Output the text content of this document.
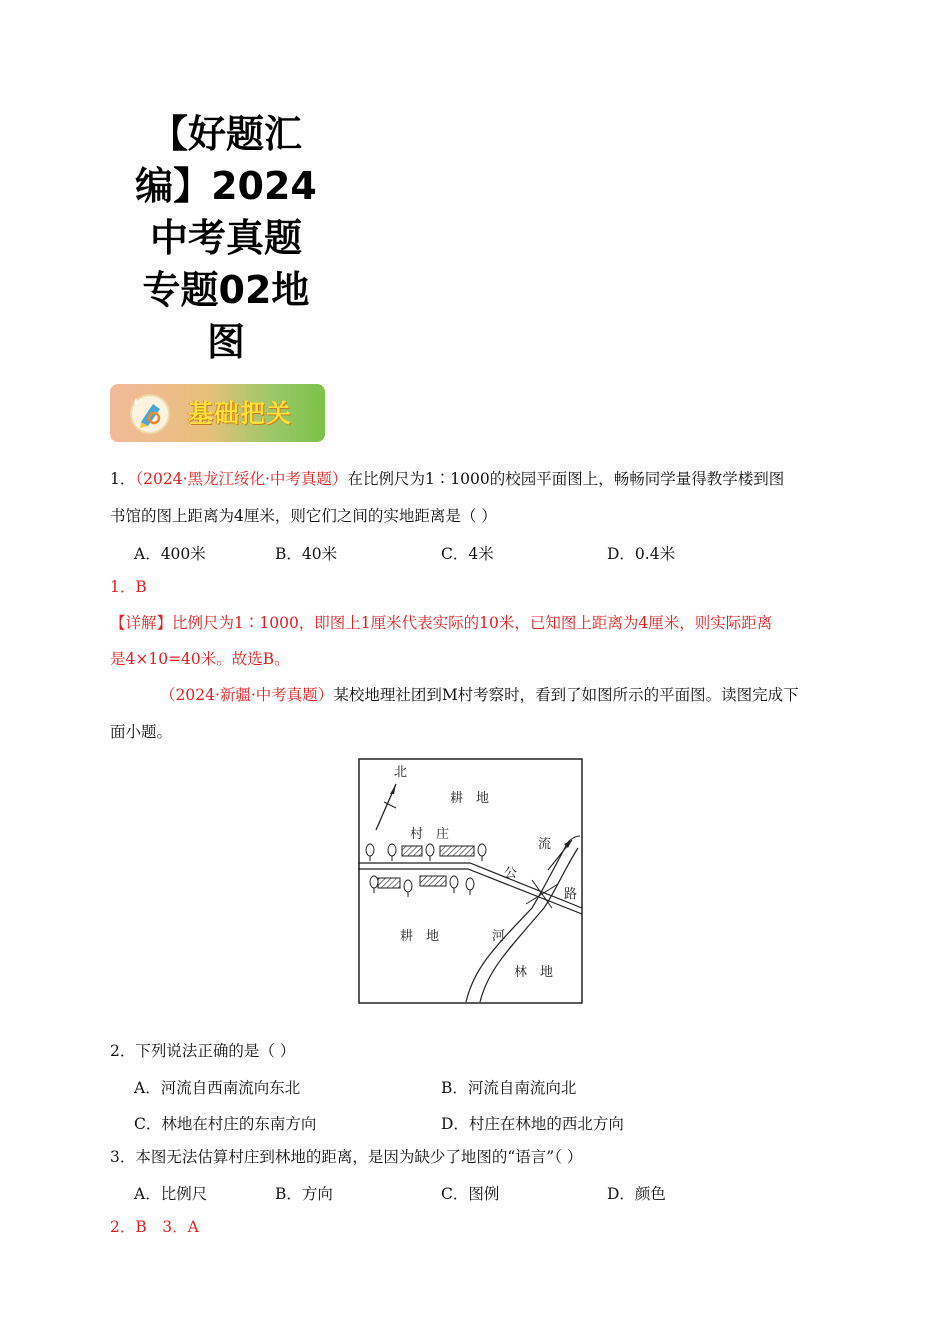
【好题汇
编】2024
中考真题
专题02地
图
基础把关
1．（2024·黑龙江绥化·中考真题）在比例尺为1∶1000的校园平面图上，畅畅同学量得教学楼到图
书馆的图上距离为4厘米，则它们之间的实地距离是（ ）
A．400米	B．40米	C．4米	D．0.4米
1．B
【详解】比例尺为1∶1000，即图上1厘米代表实际的10米，已知图上距离为4厘米，则实际距离
是4×10=40米。故选B。
（2024·新疆·中考真题）某校地理社团到M村考察时，看到了如图所示的平面图。读图完成下
面小题。
北
耕　地
村　庄
公
路
流
河
耕　地
林　地
2．下列说法正确的是（ ）
A．河流自西南流向东北	B．河流自南流向北
C．林地在村庄的东南方向	D．村庄在林地的西北方向
3．本图无法估算村庄到林地的距离，是因为缺少了地图的“语言”（ ）
A．比例尺	B．方向	C．图例	D．颜色
2．B　3．A
